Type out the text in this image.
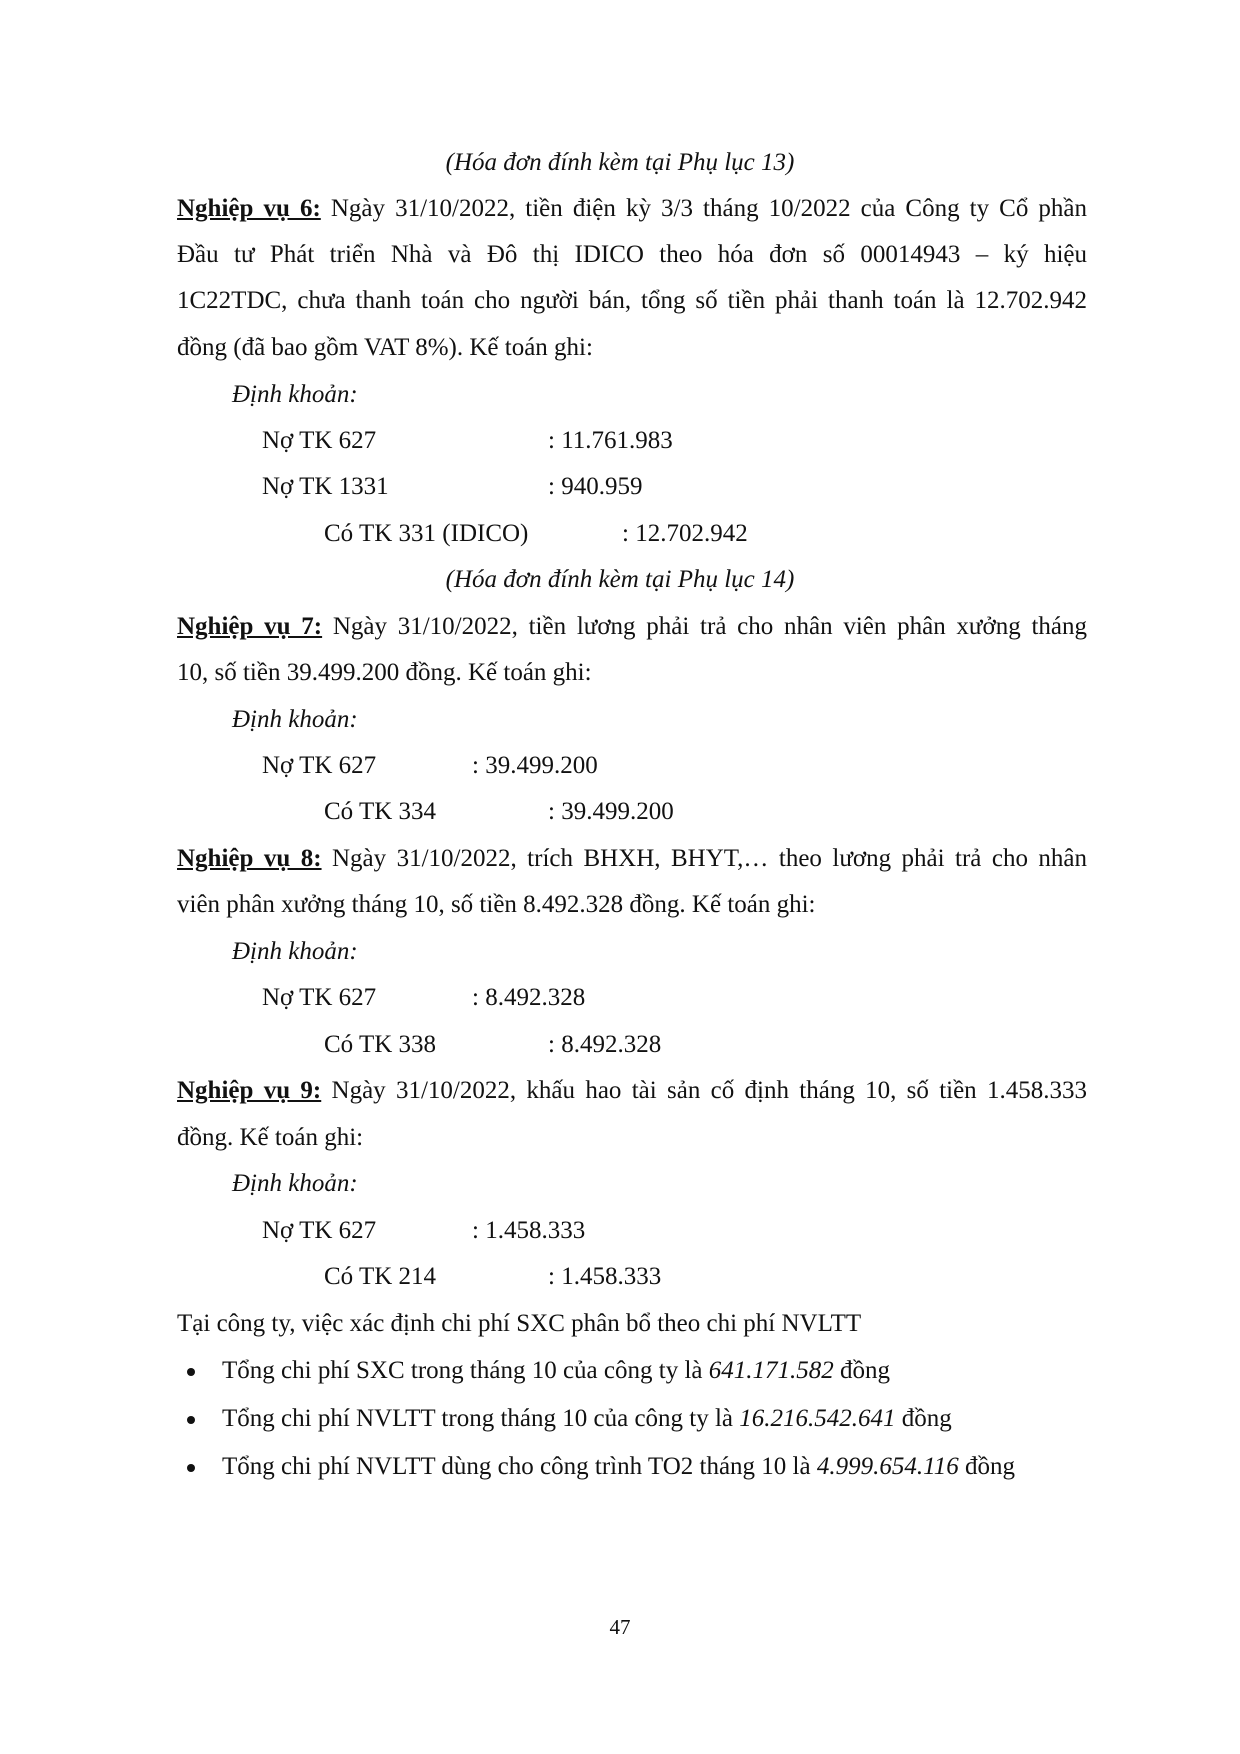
(Hóa đơn đính kèm tại Phụ lục 13)
Nghiệp vụ 6: Ngày 31/10/2022, tiền điện kỳ 3/3 tháng 10/2022 của Công ty Cổ phần
Đầu tư Phát triển Nhà và Đô thị IDICO theo hóa đơn số 00014943 – ký hiệu
1C22TDC, chưa thanh toán cho người bán, tổng số tiền phải thanh toán là 12.702.942
đồng (đã bao gồm VAT 8%). Kế toán ghi:
Định khoản:
Nợ TK 627	: 11.761.983
Nợ TK 1331	: 940.959
Có TK 331 (IDICO)	: 12.702.942
(Hóa đơn đính kèm tại Phụ lục 14)
Nghiệp vụ 7: Ngày 31/10/2022, tiền lương phải trả cho nhân viên phân xưởng tháng
10, số tiền 39.499.200 đồng. Kế toán ghi:
Định khoản:
Nợ TK 627	: 39.499.200
Có TK 334	: 39.499.200
Nghiệp vụ 8: Ngày 31/10/2022, trích BHXH, BHYT,… theo lương phải trả cho nhân
viên phân xưởng tháng 10, số tiền 8.492.328 đồng. Kế toán ghi:
Định khoản:
Nợ TK 627	: 8.492.328
Có TK 338	: 8.492.328
Nghiệp vụ 9: Ngày 31/10/2022, khấu hao tài sản cố định tháng 10, số tiền 1.458.333
đồng. Kế toán ghi:
Định khoản:
Nợ TK 627	: 1.458.333
Có TK 214	: 1.458.333
Tại công ty, việc xác định chi phí SXC phân bổ theo chi phí NVLTT
Tổng chi phí SXC trong tháng 10 của công ty là 641.171.582 đồng
Tổng chi phí NVLTT trong tháng 10 của công ty là 16.216.542.641 đồng
Tổng chi phí NVLTT dùng cho công trình TO2 tháng 10 là 4.999.654.116 đồng
47
